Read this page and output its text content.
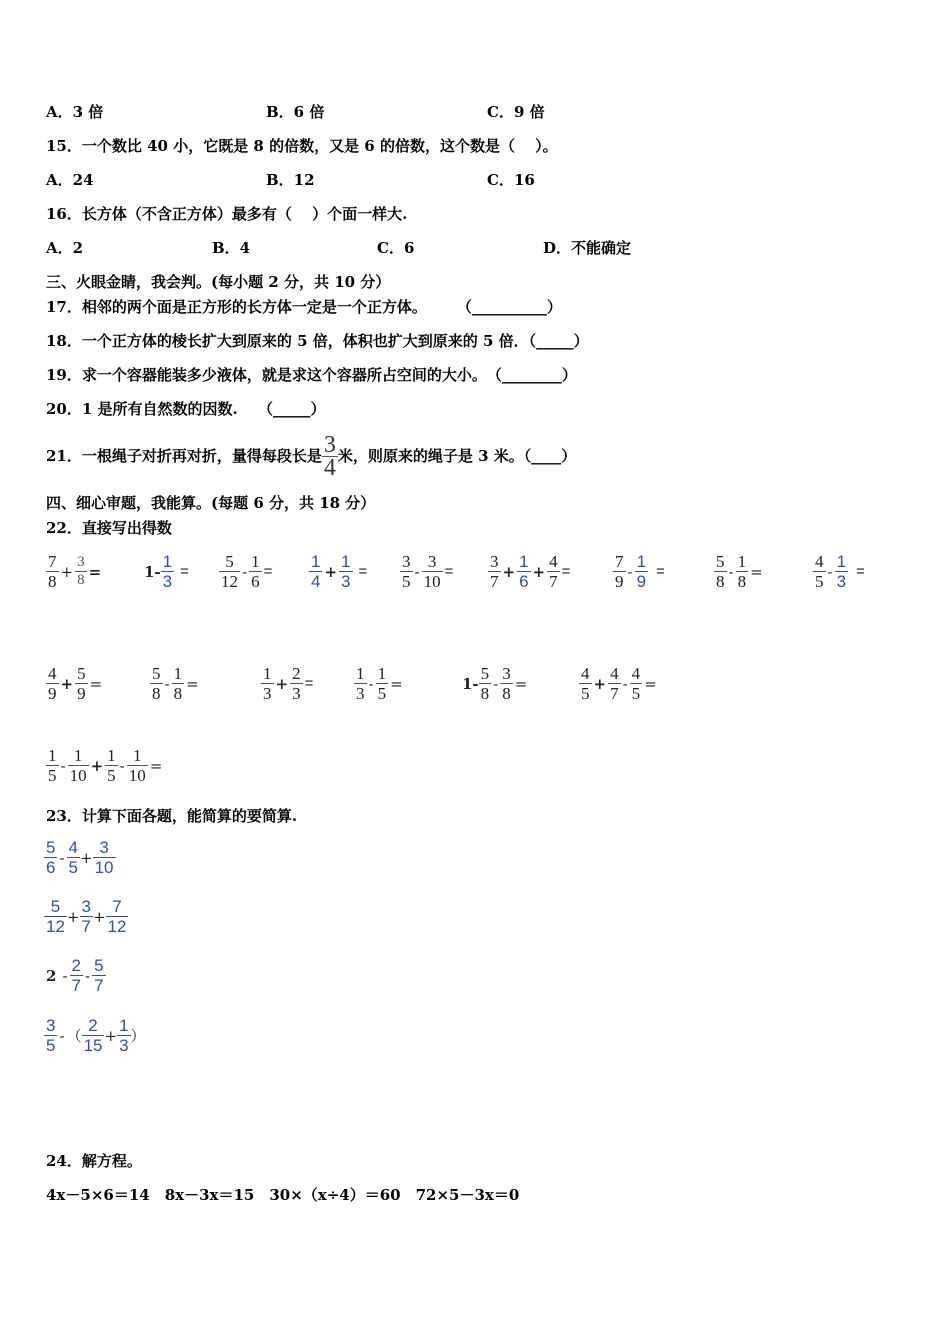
A．3 倍	B．6 倍	C．9 倍
15．一个数比 40 小，它既是 8 的倍数，又是 6 的倍数，这个数是（　 ）。
A．24	B．12	C．16
16．长方体（不含正方体）最多有（　 ）个面一样大.
A．2	B．4	C．6	D．不能确定
三、火眼金睛，我会判。(每小题 2 分，共 10 分）
17．相邻的两个面是正方形的长方体一定是一个正方体。　　　（__________）
18．一个正方体的棱长扩大到原来的 5 倍，体积也扩大到原来的 5 倍．（_____）
19．求一个容器能装多少液体，就是求这个容器所占空间的大小。　（________）
20．1 是所有自然数的因数.　 （_____）
21．一根绳子对折再对折，量得每段长是 $\frac{3}{4}$ 米，则原来的绳子是 3 米。（____）
四、细心审题，我能算。(每题 6 分，共 18 分）
22．直接写出得数
$\frac{7}{8} + \frac{3}{8}$ =	$1- \frac{1}{3} = \frac{5}{12} - \frac{1}{6} = \frac{1}{4} + \frac{1}{3} = \frac{3}{5} - \frac{3}{10} = \frac{3}{7} + \frac{1}{6} + \frac{4}{7}$ =	$\frac{7}{9} - \frac{1}{9}$ =	$\frac{5}{8} - \frac{1}{8}$ =	$\frac{4}{5} - \frac{1}{3}$ =
$\frac{4}{9} + \frac{5}{9}$ =	$\frac{5}{8} - \frac{1}{8}$ =	$\frac{1}{3} + \frac{2}{3} = \frac{1}{3} - \frac{1}{5}$ =	$1- \frac{5}{8} - \frac{3}{8}$ =	$\frac{4}{5} + \frac{4}{7} - \frac{4}{5}$ =
$\frac{1}{5} - \frac{1}{10} + \frac{1}{5} - \frac{1}{10}$ =
23．计算下面各题，能简算的要简算.
$\frac{5}{6} - \frac{4}{5} + \frac{3}{10}$
$\frac{5}{12} + \frac{3}{7} + \frac{7}{12}$
$2 - \frac{2}{7} - \frac{5}{7}$
$\frac{3}{5}$ - （ $\frac{2}{15} + \frac{1}{3}$ ）
24．解方程。
4x－5×6＝14　8x－3x＝15　30×（x÷4）＝60　72×5－3x＝0
